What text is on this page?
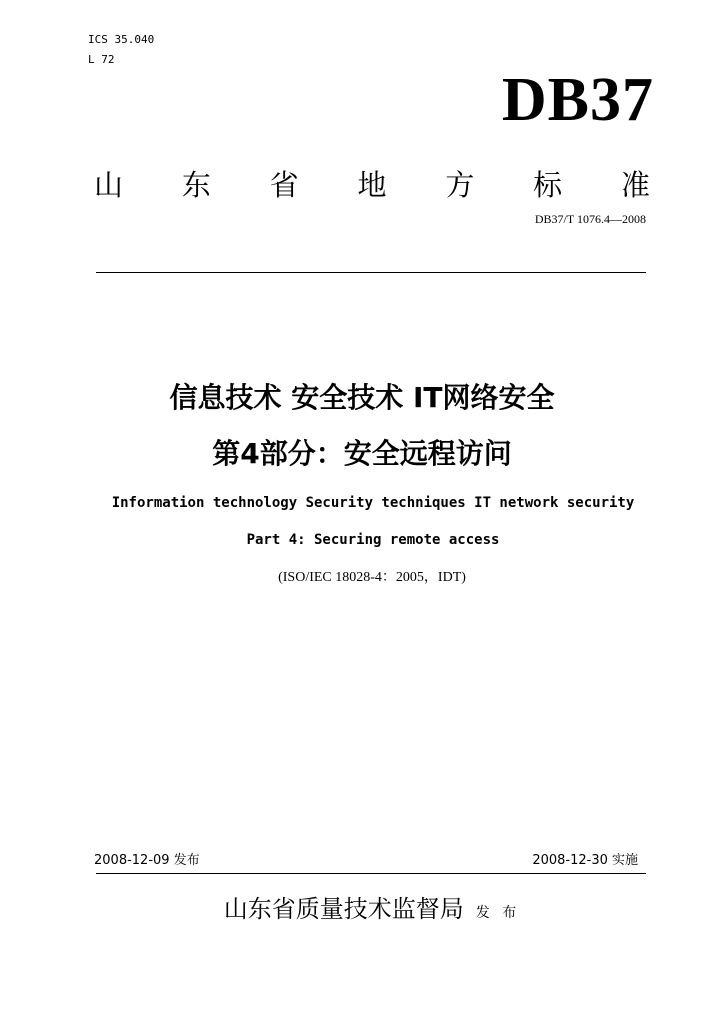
ICS 35.040
L 72
DB37
山 东 省 地 方 标 准
DB37/T 1076.4—2008
信息技术 安全技术 IT网络安全
第4部分：安全远程访问
Information technology Security techniques IT network security
Part 4: Securing remote access
(ISO/IEC 18028-4：2005，IDT)
2008-12-09 发布	2008-12-30 实施
山东省质量技术监督局 发 布
